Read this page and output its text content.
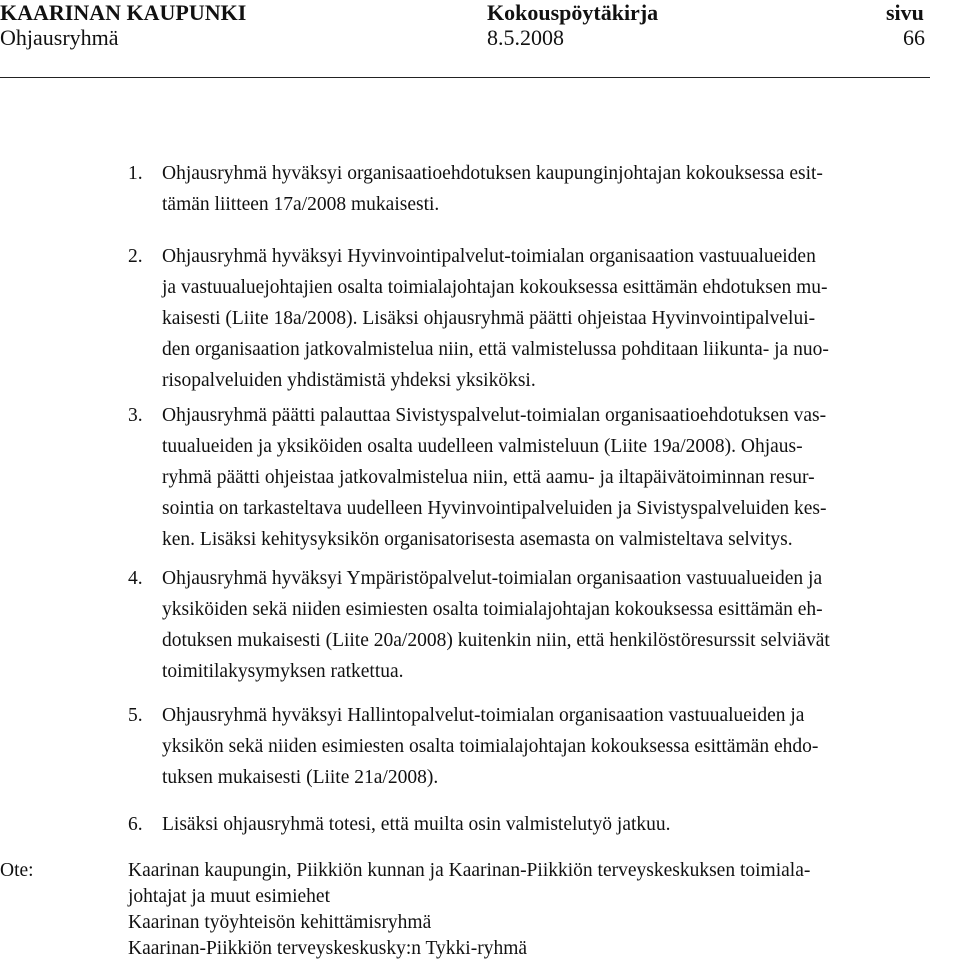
KAARINAN KAUPUNKI	Kokouspöytäkirja	sivu
Ohjausryhmä	8.5.2008	66
1. Ohjausryhmä hyväksyi organisaatioehdotuksen kaupunginjohtajan kokouksessa esit-
tämän liitteen 17a/2008 mukaisesti.
2. Ohjausryhmä hyväksyi Hyvinvointipalvelut-toimialan organisaation vastuualueiden
ja vastuualuejohtajien osalta toimialajohtajan kokouksessa esittämän ehdotuksen mu-
kaisesti (Liite 18a/2008). Lisäksi ohjausryhmä päätti ohjeistaa Hyvinvointipalvelui-
den organisaation jatkovalmistelua niin, että valmistelussa pohditaan liikunta- ja nuo-
risopalveluiden yhdistämistä yhdeksi yksiköksi.
3. Ohjausryhmä päätti palauttaa Sivistyspalvelut-toimialan organisaatioehdotuksen vas-
tuualueiden ja yksiköiden osalta uudelleen valmisteluun (Liite 19a/2008). Ohjaus-
ryhmä päätti ohjeistaa jatkovalmistelua niin, että aamu- ja iltapäivätoiminnan resur-
sointia on tarkasteltava uudelleen Hyvinvointipalveluiden ja Sivistyspalveluiden kes-
ken. Lisäksi kehitysyksikön organisatorisesta asemasta on valmisteltava selvitys.
4. Ohjausryhmä hyväksyi Ympäristöpalvelut-toimialan organisaation vastuualueiden ja
yksiköiden sekä niiden esimiesten osalta toimialajohtajan kokouksessa esittämän eh-
dotuksen mukaisesti (Liite 20a/2008) kuitenkin niin, että henkilöstöresurssit selviävät
toimitilakysymyksen ratkettua.
5. Ohjausryhmä hyväksyi Hallintopalvelut-toimialan organisaation vastuualueiden ja
yksikön sekä niiden esimiesten osalta toimialajohtajan kokouksessa esittämän ehdo-
tuksen mukaisesti (Liite 21a/2008).
6. Lisäksi ohjausryhmä totesi, että muilta osin valmistelutyö jatkuu.
Ote:	Kaarinan kaupungin, Piikkiön kunnan ja Kaarinan-Piikkiön terveyskeskuksen toimiala-
johtajat ja muut esimiehet
Kaarinan työyhteisön kehittämisryhmä
Kaarinan-Piikkiön terveyskeskusky:n Tykki-ryhmä
